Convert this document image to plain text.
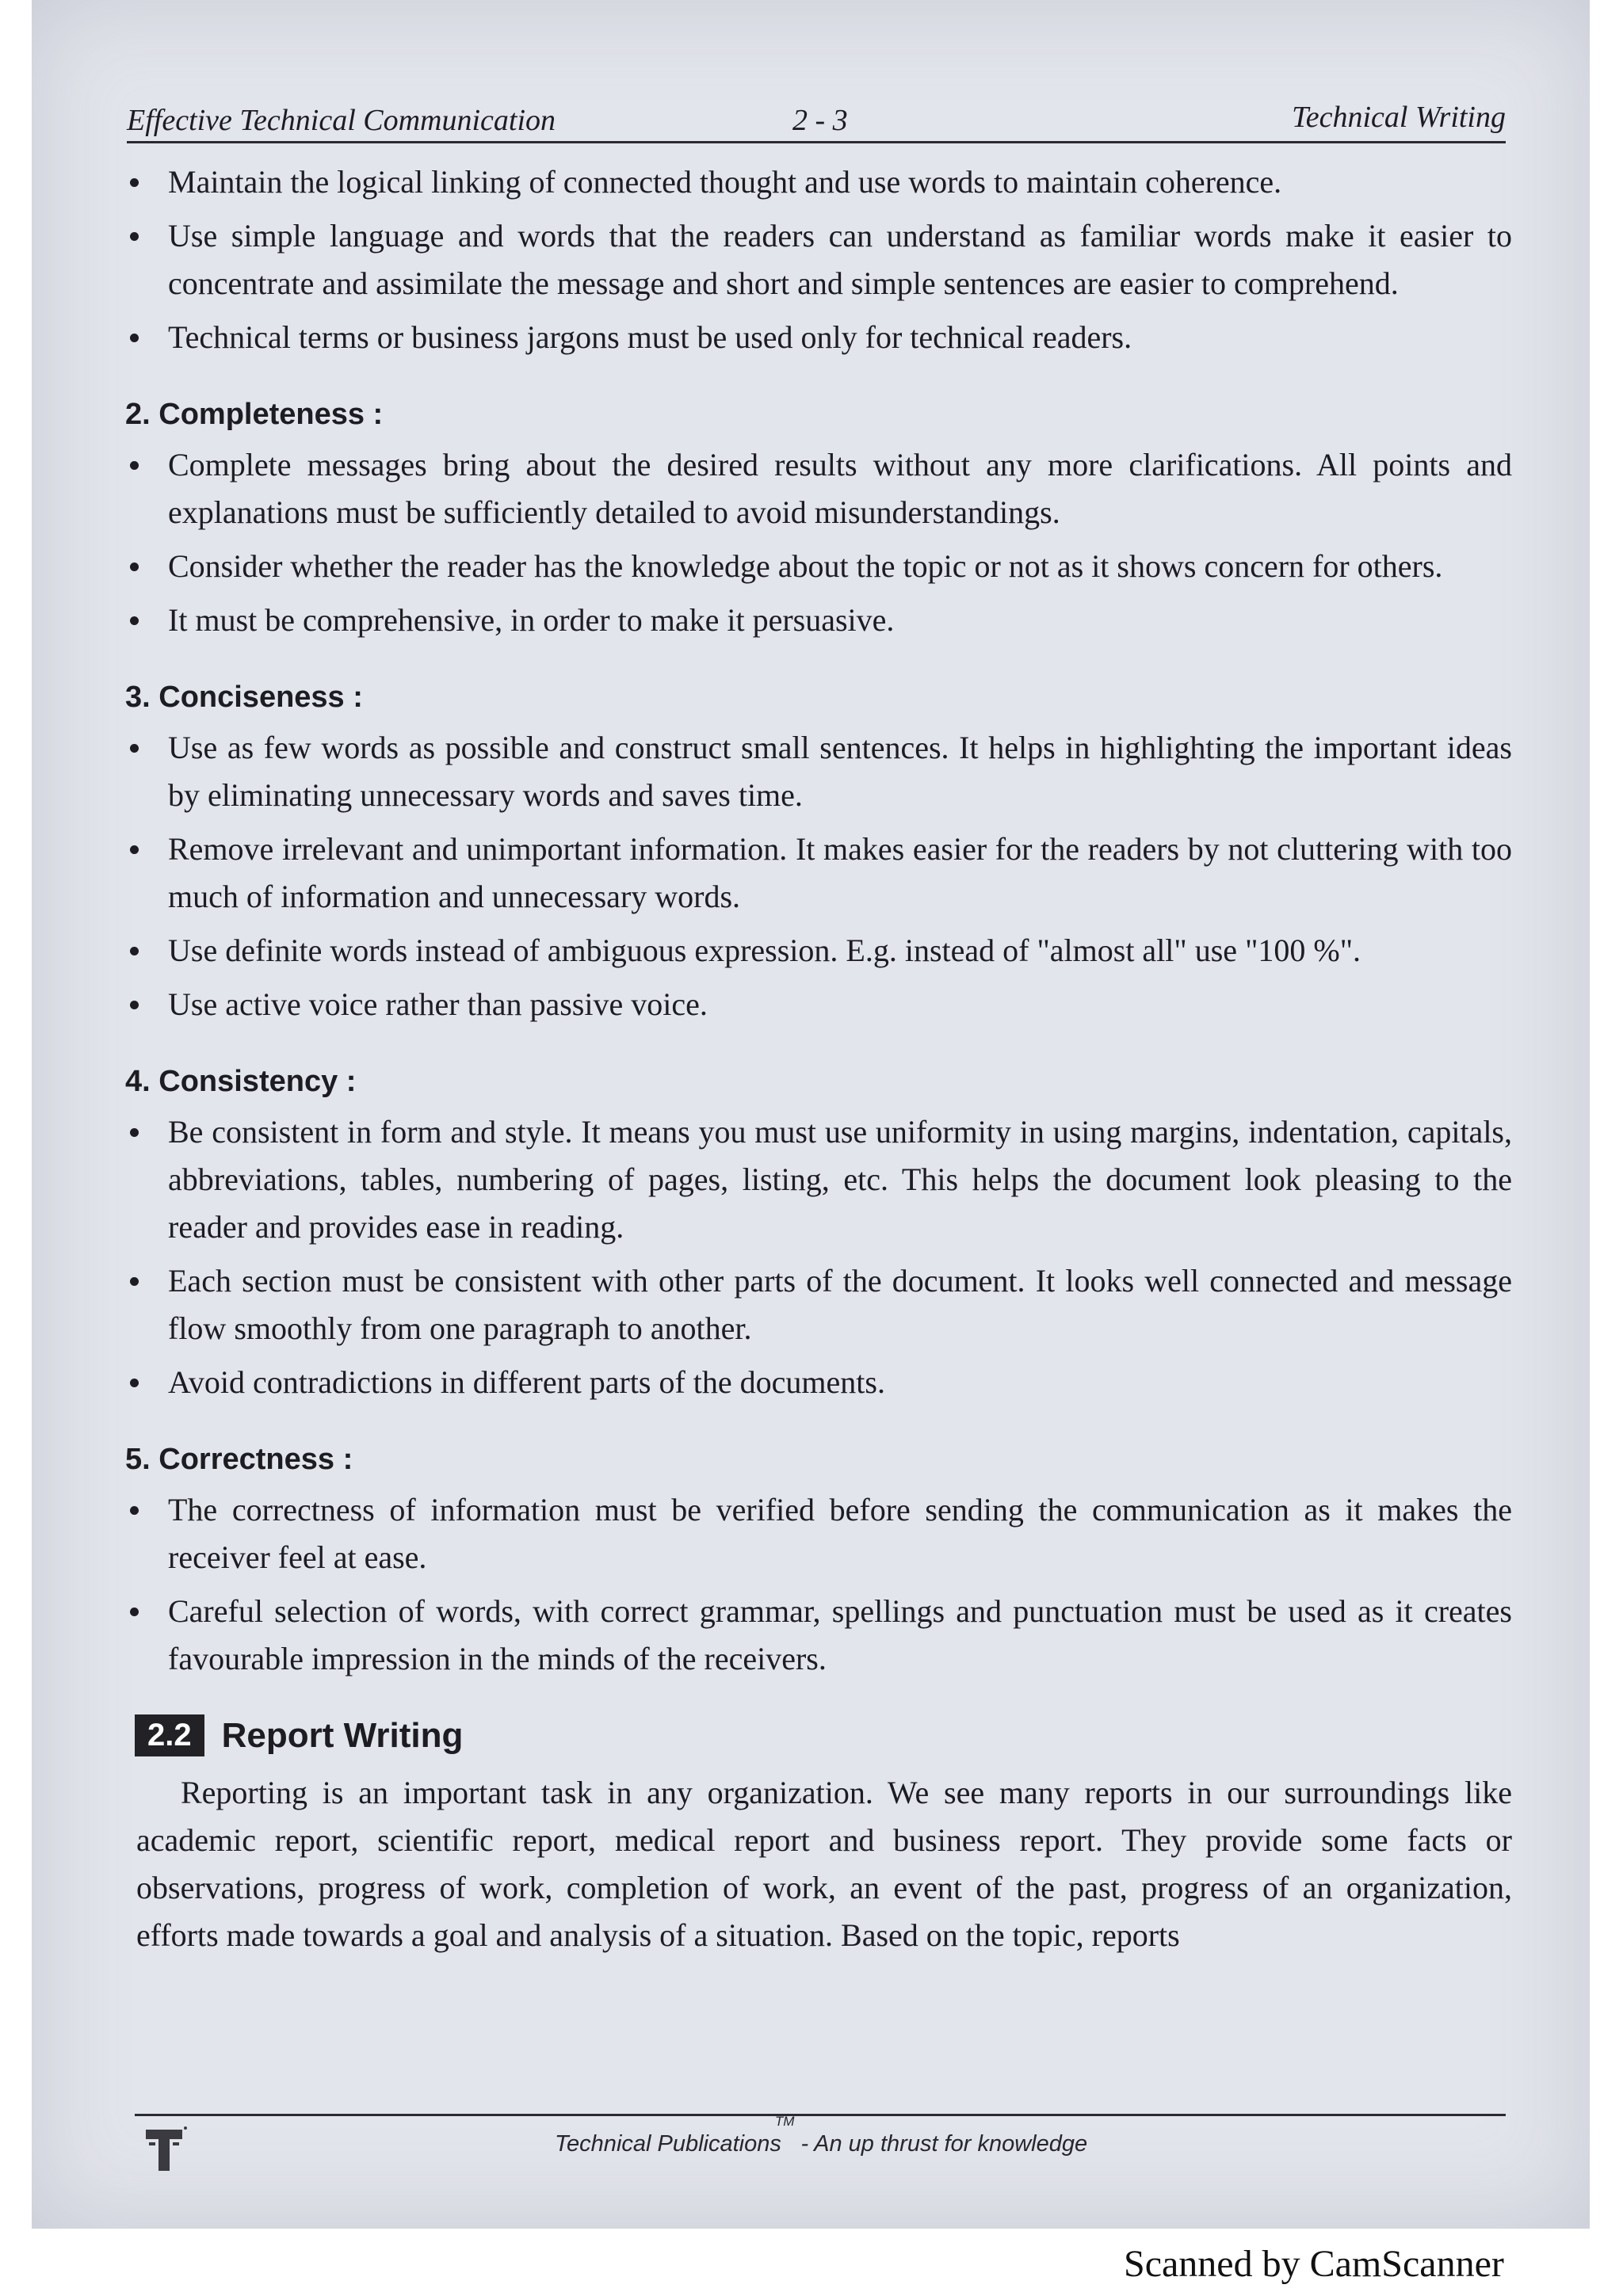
Effective Technical Communication	2 - 3	Technical Writing
Maintain the logical linking of connected thought and use words to maintain coherence.
Use simple language and words that the readers can understand as familiar words make it easier to concentrate and assimilate the message and short and simple sentences are easier to comprehend.
Technical terms or business jargons must be used only for technical readers.
2. Completeness :
Complete messages bring about the desired results without any more clarifications. All points and explanations must be sufficiently detailed to avoid misunderstandings.
Consider whether the reader has the knowledge about the topic or not as it shows concern for others.
It must be comprehensive, in order to make it persuasive.
3. Conciseness :
Use as few words as possible and construct small sentences. It helps in highlighting the important ideas by eliminating unnecessary words and saves time.
Remove irrelevant and unimportant information. It makes easier for the readers by not cluttering with too much of information and unnecessary words.
Use definite words instead of ambiguous expression. E.g. instead of "almost all" use "100 %".
Use active voice rather than passive voice.
4. Consistency :
Be consistent in form and style. It means you must use uniformity in using margins, indentation, capitals, abbreviations, tables, numbering of pages, listing, etc. This helps the document look pleasing to the reader and provides ease in reading.
Each section must be consistent with other parts of the document. It looks well connected and message flow smoothly from one paragraph to another.
Avoid contradictions in different parts of the documents.
5. Correctness :
The correctness of information must be verified before sending the communication as it makes the receiver feel at ease.
Careful selection of words, with correct grammar, spellings and punctuation must be used as it creates favourable impression in the minds of the receivers.
2.2 Report Writing

Reporting is an important task in any organization. We see many reports in our surroundings like academic report, scientific report, medical report and business report. They provide some facts or observations, progress of work, completion of work, an event of the past, progress of an organization, efforts made towards a goal and analysis of a situation. Based on the topic, reports

Technical Publications™ - An up thrust for knowledge
Scanned by CamScanner
